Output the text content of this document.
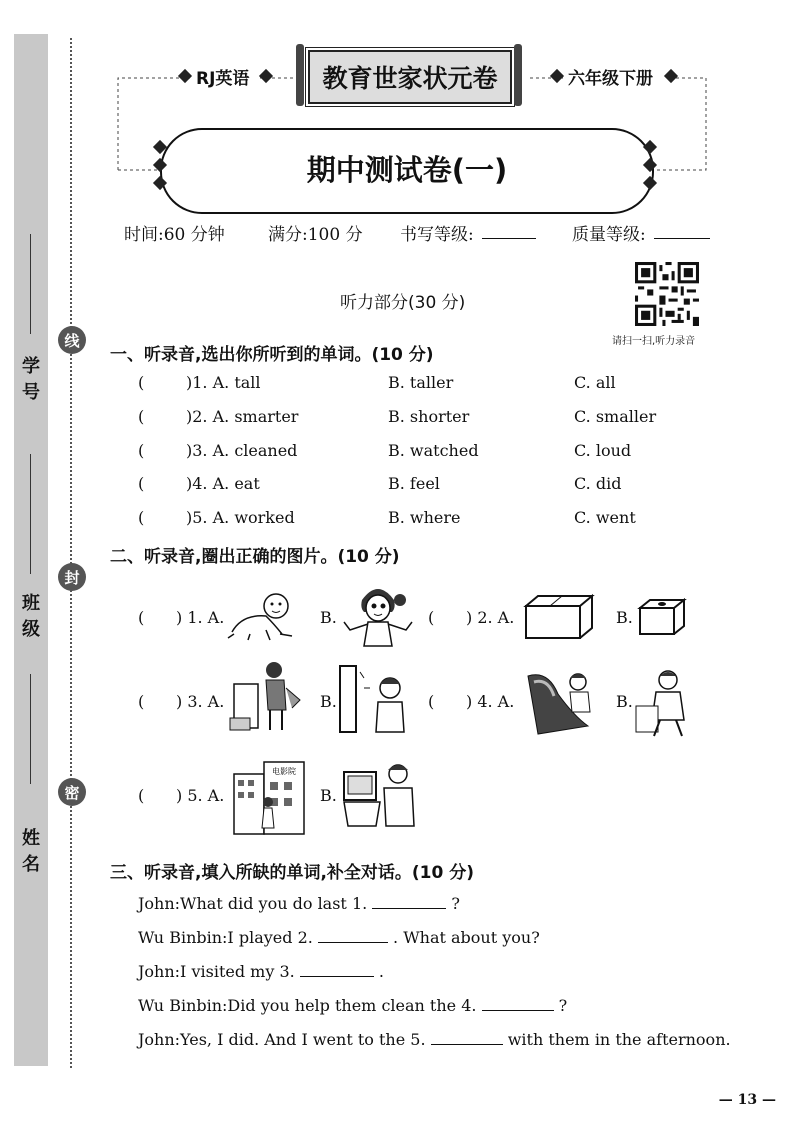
学号
班级
姓名
线
封
密
RJ英语	教育世家状元卷	六年级下册
期中测试卷(一)
时间:60 分钟	满分:100 分 书写等级:	质量等级:
听力部分(30 分)
请扫一扫,听力录音
一、听录音,选出你所听到的单词。(10 分)
(	)1. A. tall	B. taller	C. all
(	)2. A. smarter	B. shorter	C. smaller
(	)3. A. cleaned	B. watched	C. loud
(	)4. A. eat	B. feel	C. did
(	)5. A. worked	B. where	C. went
二、听录音,圈出正确的图片。(10 分)
( ) 1. A.	B.	( ) 2. A.	B.
( ) 3. A.	B.	( ) 4. A.	B.
( ) 5. A.	B.
电影院
三、听录音,填入所缺的单词,补全对话。(10 分)
John:What did you do last 1.	?
Wu Binbin:I played 2.	. What about you?
John:I visited my 3.	.
Wu Binbin:Did you help them clean the 4.	?
John:Yes, I did. And I went to the 5.	with them in the afternoon.
— 13 —
